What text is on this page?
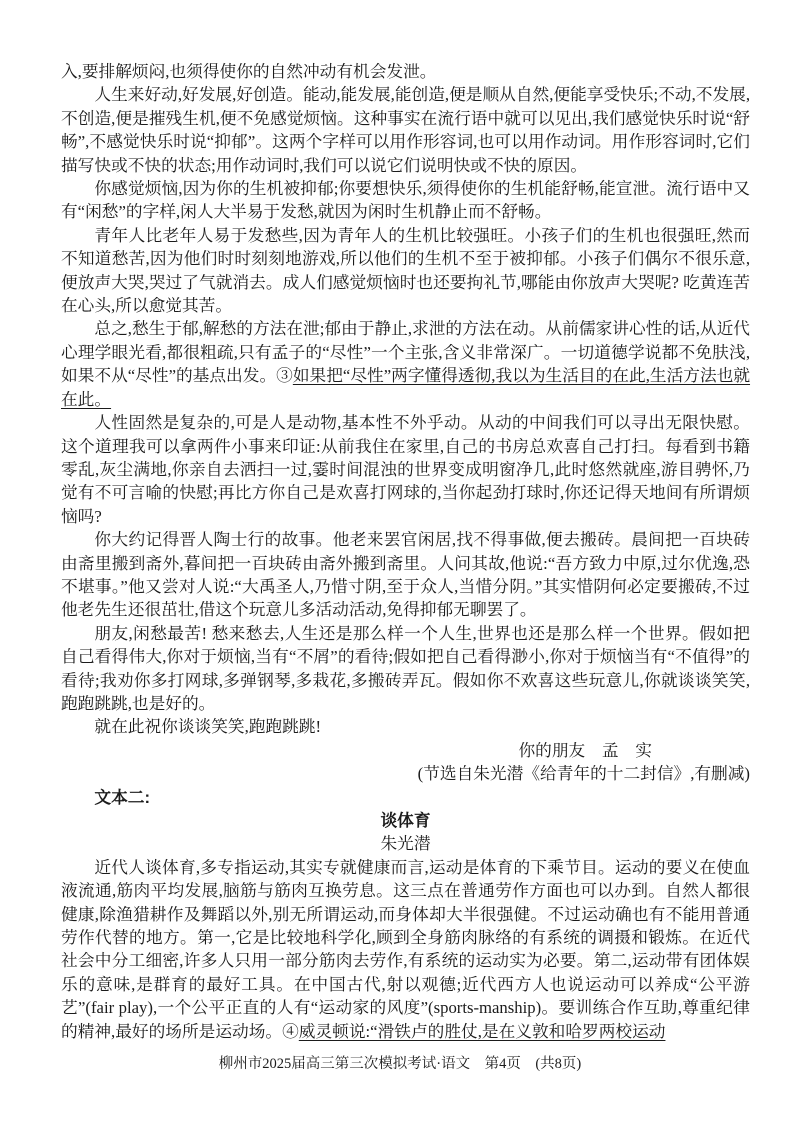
入,要排解烦闷,也须得使你的自然冲动有机会发泄。

人生来好动,好发展,好创造。能动,能发展,能创造,便是顺从自然,便能享受快乐;不动,不发展,不创造,便是摧残生机,便不免感觉烦恼。这种事实在流行语中就可以见出,我们感觉快乐时说“舒畅”,不感觉快乐时说“抑郁”。这两个字样可以用作形容词,也可以用作动词。用作形容词时,它们描写快或不快的状态;用作动词时,我们可以说它们说明快或不快的原因。

你感觉烦恼,因为你的生机被抑郁;你要想快乐,须得使你的生机能舒畅,能宣泄。流行语中又有“闲愁”的字样,闲人大半易于发愁,就因为闲时生机静止而不舒畅。

青年人比老年人易于发愁些,因为青年人的生机比较强旺。小孩子们的生机也很强旺,然而不知道愁苦,因为他们时时刻刻地游戏,所以他们的生机不至于被抑郁。小孩子们偶尔不很乐意,便放声大哭,哭过了气就消去。成人们感觉烦恼时也还要拘礼节,哪能由你放声大哭呢? 吃黄连苦在心头,所以愈觉其苦。

总之,愁生于郁,解愁的方法在泄;郁由于静止,求泄的方法在动。从前儒家讲心性的话,从近代心理学眼光看,都很粗疏,只有孟子的“尽性”一个主张,含义非常深广。一切道德学说都不免肤浅,如果不从“尽性”的基点出发。③如果把“尽性”两字懂得透彻,我以为生活目的在此,生活方法也就在此。

人性固然是复杂的,可是人是动物,基本性不外乎动。从动的中间我们可以寻出无限快慰。这个道理我可以拿两件小事来印证:从前我住在家里,自己的书房总欢喜自己打扫。每看到书籍零乱,灰尘满地,你亲自去洒扫一过,霎时间混浊的世界变成明窗净几,此时悠然就座,游目骋怀,乃觉有不可言喻的快慰;再比方你自己是欢喜打网球的,当你起劲打球时,你还记得天地间有所谓烦恼吗?

你大约记得晋人陶士行的故事。他老来罢官闲居,找不得事做,便去搬砖。晨间把一百块砖由斋里搬到斋外,暮间把一百块砖由斋外搬到斋里。人问其故,他说:“吾方致力中原,过尔优逸,恐不堪事。”他又尝对人说:“大禹圣人,乃惜寸阴,至于众人,当惜分阴。”其实惜阴何必定要搬砖,不过他老先生还很茁壮,借这个玩意儿多活动活动,免得抑郁无聊罢了。

朋友,闲愁最苦! 愁来愁去,人生还是那么样一个人生,世界也还是那么样一个世界。假如把自己看得伟大,你对于烦恼,当有“不屑”的看待;假如把自己看得渺小,你对于烦恼当有“不值得”的看待;我劝你多打网球,多弹钢琴,多栽花,多搬砖弄瓦。假如你不欢喜这些玩意儿,你就谈谈笑笑,跑跑跳跳,也是好的。

就在此祝你谈谈笑笑,跑跑跳跳!

你的朋友　孟　实

(节选自朱光潜《给青年的十二封信》,有删减)

文本二:

谈体育

朱光潜

近代人谈体育,多专指运动,其实专就健康而言,运动是体育的下乘节目。运动的要义在使血液流通,筋肉平均发展,脑筋与筋肉互换劳息。这三点在普通劳作方面也可以办到。自然人都很健康,除渔猎耕作及舞蹈以外,别无所谓运动,而身体却大半很强健。不过运动确也有不能用普通劳作代替的地方。第一,它是比较地科学化,顾到全身筋肉脉络的有系统的调摄和锻炼。在近代社会中分工细密,许多人只用一部分筋肉去劳作,有系统的运动实为必要。第二,运动带有团体娱乐的意味,是群育的最好工具。在中国古代,射以观德;近代西方人也说运动可以养成“公平游艺”(fair play),一个公平正直的人有“运动家的风度”(sports-manship)。要训练合作互助,尊重纪律的精神,最好的场所是运动场。④威灵顿说:“滑铁卢的胜仗,是在义敦和哈罗两校运动

柳州市2025届高三第三次模拟考试·语文　第4页　(共8页)
